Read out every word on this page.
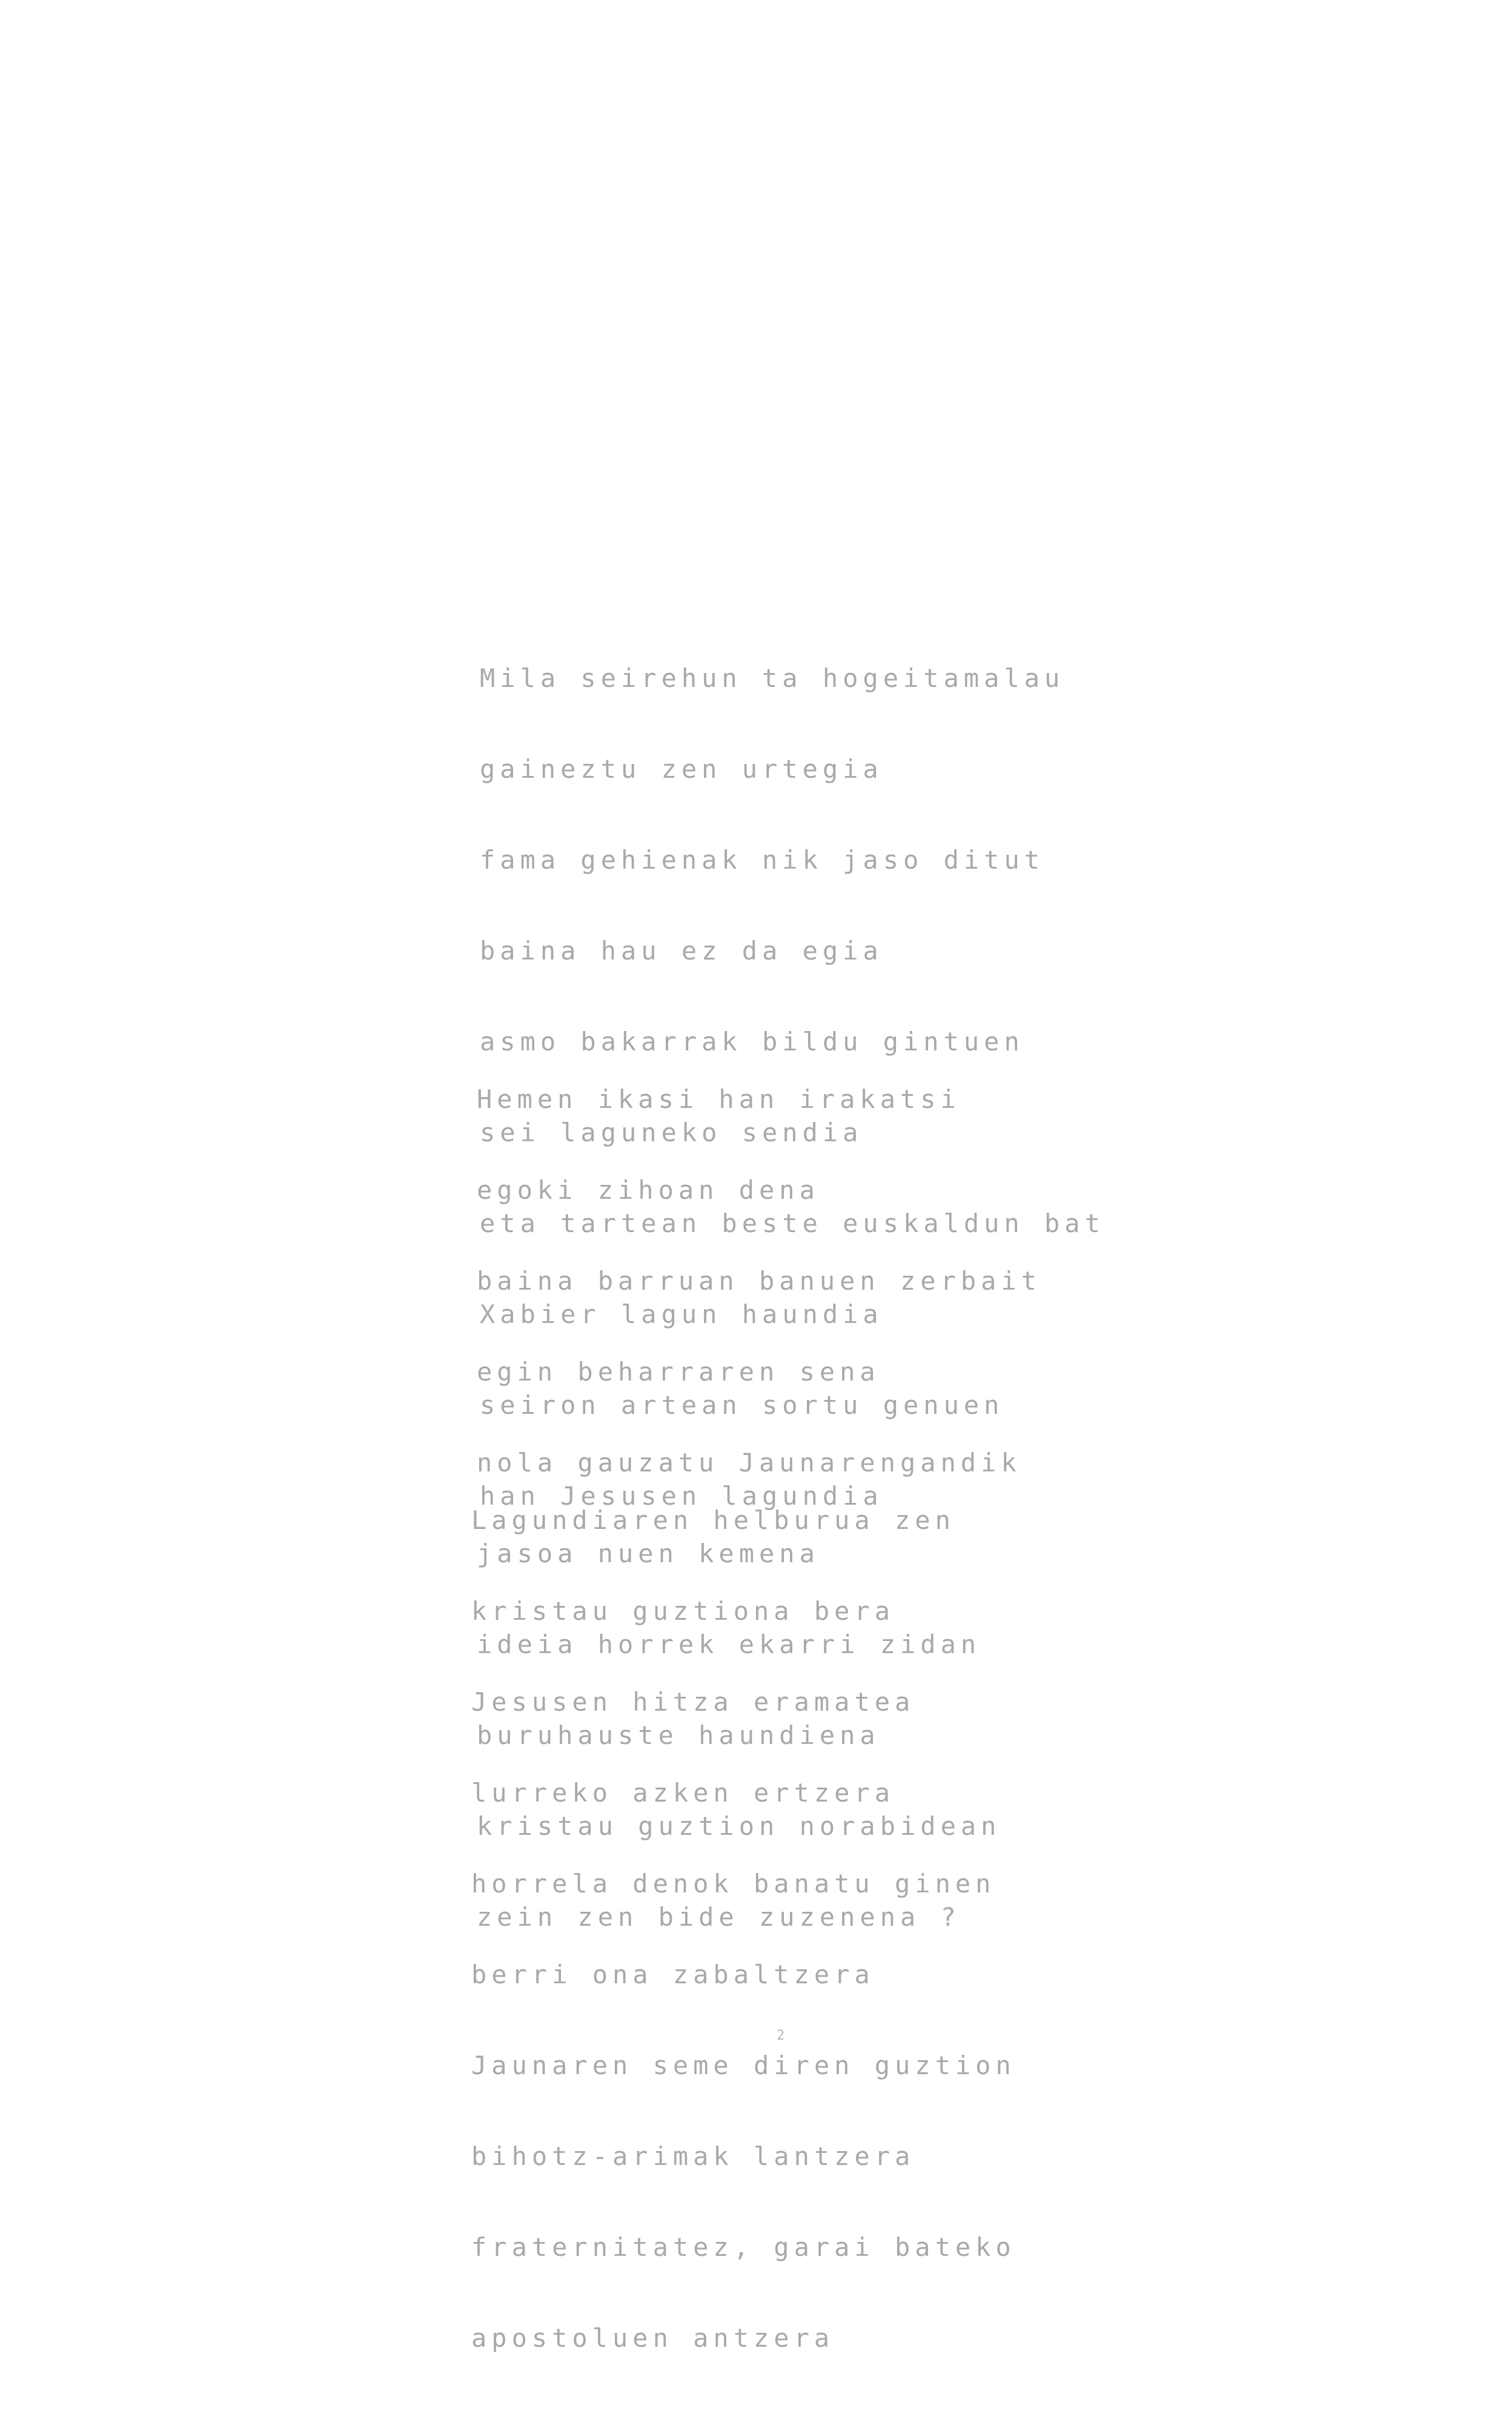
Mila seirehun ta hogeitamalau

gaineztu zen urtegia

fama gehienak nik jaso ditut

baina hau ez da egia

asmo bakarrak bildu gintuen

sei laguneko sendia

eta tartean beste euskaldun bat

Xabier lagun haundia

seiron artean sortu genuen

han Jesusen lagundia

Hemen ikasi han irakatsi

egoki zihoan dena

baina barruan banuen zerbait

egin beharraren sena

nola gauzatu Jaunarengandik

jasoa nuen kemena

ideia horrek ekarri zidan

buruhauste haundiena

kristau guztion norabidean

zein zen bide zuzenena ?

Lagundiaren helburua zen

kristau guztiona bera

Jesusen hitza eramatea

lurreko azken ertzera

horrela denok banatu ginen

berri ona zabaltzera

Jaunaren seme diren guztion

bihotz-arimak lantzera

fraternitatez, garai bateko

apostoluen antzera

2
